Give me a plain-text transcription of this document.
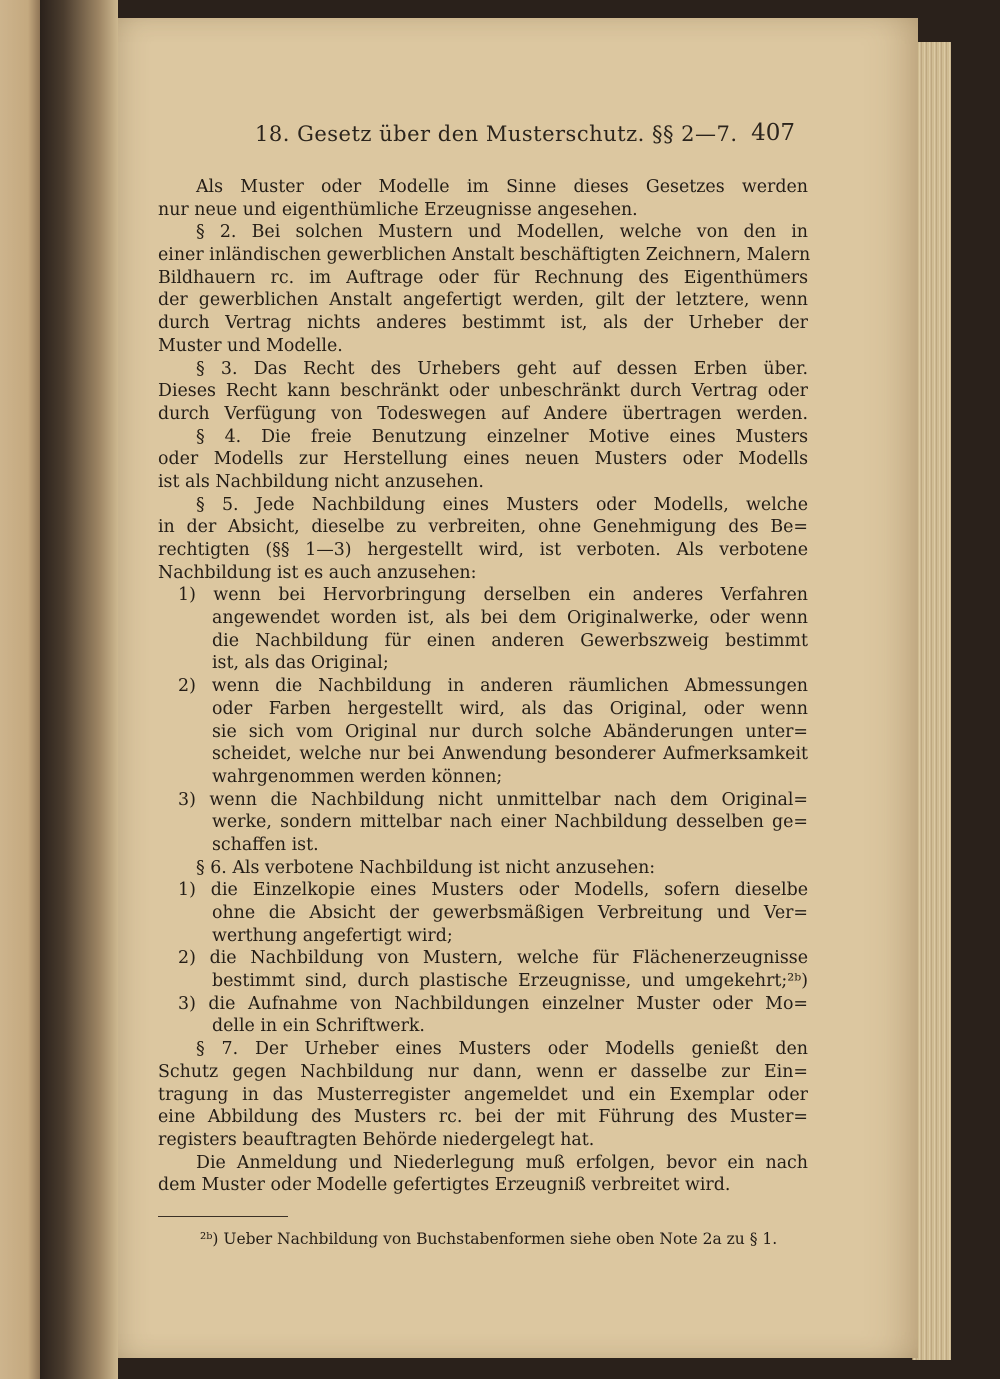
18. Gesetz über den Musterschutz. §§ 2—7. 407
Als Muster oder Modelle im Sinne dieses Gesetzes werden
nur neue und eigenthümliche Erzeugnisse angesehen.
§ 2. Bei solchen Mustern und Modellen, welche von den in
einer inländischen gewerblichen Anstalt beschäftigten Zeichnern, Malern
Bildhauern rc. im Auftrage oder für Rechnung des Eigenthümers
der gewerblichen Anstalt angefertigt werden, gilt der letztere, wenn
durch Vertrag nichts anderes bestimmt ist, als der Urheber der
Muster und Modelle.
§ 3. Das Recht des Urhebers geht auf dessen Erben über.
Dieses Recht kann beschränkt oder unbeschränkt durch Vertrag oder
durch Verfügung von Todeswegen auf Andere übertragen werden.
§ 4. Die freie Benutzung einzelner Motive eines Musters
oder Modells zur Herstellung eines neuen Musters oder Modells
ist als Nachbildung nicht anzusehen.
§ 5. Jede Nachbildung eines Musters oder Modells, welche
in der Absicht, dieselbe zu verbreiten, ohne Genehmigung des Be=
rechtigten (§§ 1—3) hergestellt wird, ist verboten. Als verbotene
Nachbildung ist es auch anzusehen:
1) wenn bei Hervorbringung derselben ein anderes Verfahren
angewendet worden ist, als bei dem Originalwerke, oder wenn
die Nachbildung für einen anderen Gewerbszweig bestimmt
ist, als das Original;
2) wenn die Nachbildung in anderen räumlichen Abmessungen
oder Farben hergestellt wird, als das Original, oder wenn
sie sich vom Original nur durch solche Abänderungen unter=
scheidet, welche nur bei Anwendung besonderer Aufmerksamkeit
wahrgenommen werden können;
3) wenn die Nachbildung nicht unmittelbar nach dem Original=
werke, sondern mittelbar nach einer Nachbildung desselben ge=
schaffen ist.
§ 6. Als verbotene Nachbildung ist nicht anzusehen:
1) die Einzelkopie eines Musters oder Modells, sofern dieselbe
ohne die Absicht der gewerbsmäßigen Verbreitung und Ver=
werthung angefertigt wird;
2) die Nachbildung von Mustern, welche für Flächenerzeugnisse
bestimmt sind, durch plastische Erzeugnisse, und umgekehrt;²ᵇ)
3) die Aufnahme von Nachbildungen einzelner Muster oder Mo=
delle in ein Schriftwerk.
§ 7. Der Urheber eines Musters oder Modells genießt den
Schutz gegen Nachbildung nur dann, wenn er dasselbe zur Ein=
tragung in das Musterregister angemeldet und ein Exemplar oder
eine Abbildung des Musters rc. bei der mit Führung des Muster=
registers beauftragten Behörde niedergelegt hat.
Die Anmeldung und Niederlegung muß erfolgen, bevor ein nach
dem Muster oder Modelle gefertigtes Erzeugniß verbreitet wird.
²ᵇ) Ueber Nachbildung von Buchstabenformen siehe oben Note 2a zu § 1.
